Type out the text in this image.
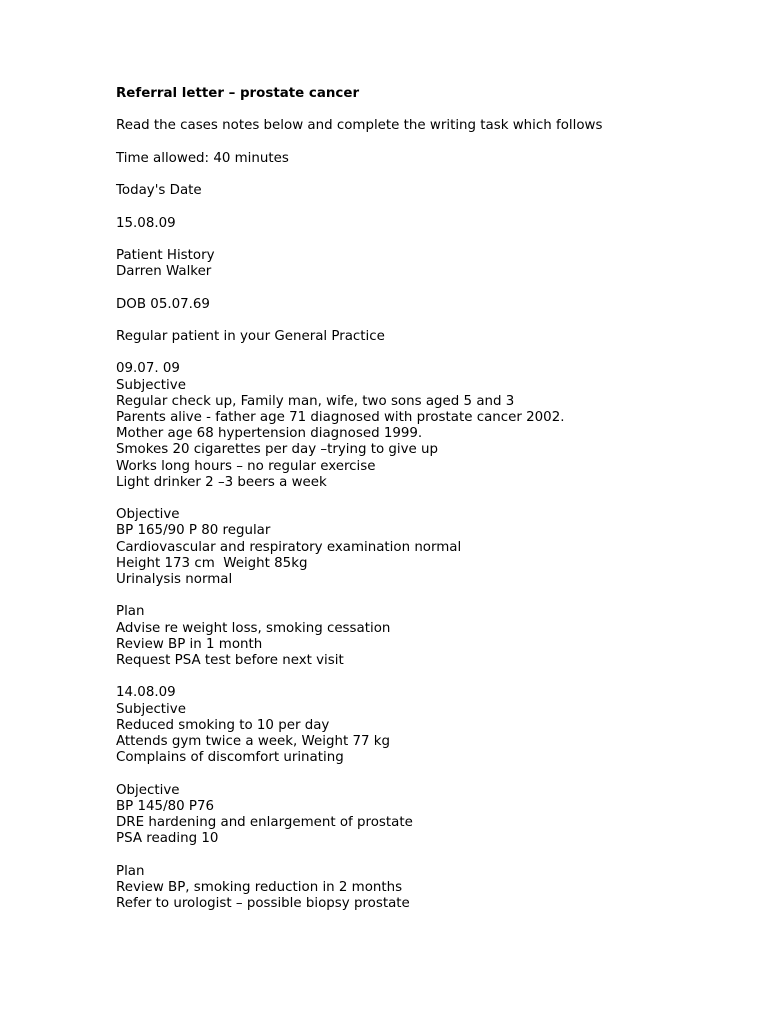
Referral letter – prostate cancer
Read the cases notes below and complete the writing task which follows
Time allowed: 40 minutes
Today's Date
15.08.09
Patient History
Darren Walker
DOB 05.07.69
Regular patient in your General Practice
09.07. 09
Subjective
Regular check up, Family man, wife, two sons aged 5 and 3
Parents alive - father age 71 diagnosed with prostate cancer 2002.
Mother age 68 hypertension diagnosed 1999.
Smokes 20 cigarettes per day –trying to give up
Works long hours – no regular exercise
Light drinker 2 –3 beers a week
Objective
BP 165/90 P 80 regular
Cardiovascular and respiratory examination normal
Height 173 cm  Weight 85kg
Urinalysis normal
Plan
Advise re weight loss, smoking cessation
Review BP in 1 month
Request PSA test before next visit
14.08.09
Subjective
Reduced smoking to 10 per day
Attends gym twice a week, Weight 77 kg
Complains of discomfort urinating
Objective
BP 145/80 P76
DRE hardening and enlargement of prostate
PSA reading 10
Plan
Review BP, smoking reduction in 2 months
Refer to urologist – possible biopsy prostate
